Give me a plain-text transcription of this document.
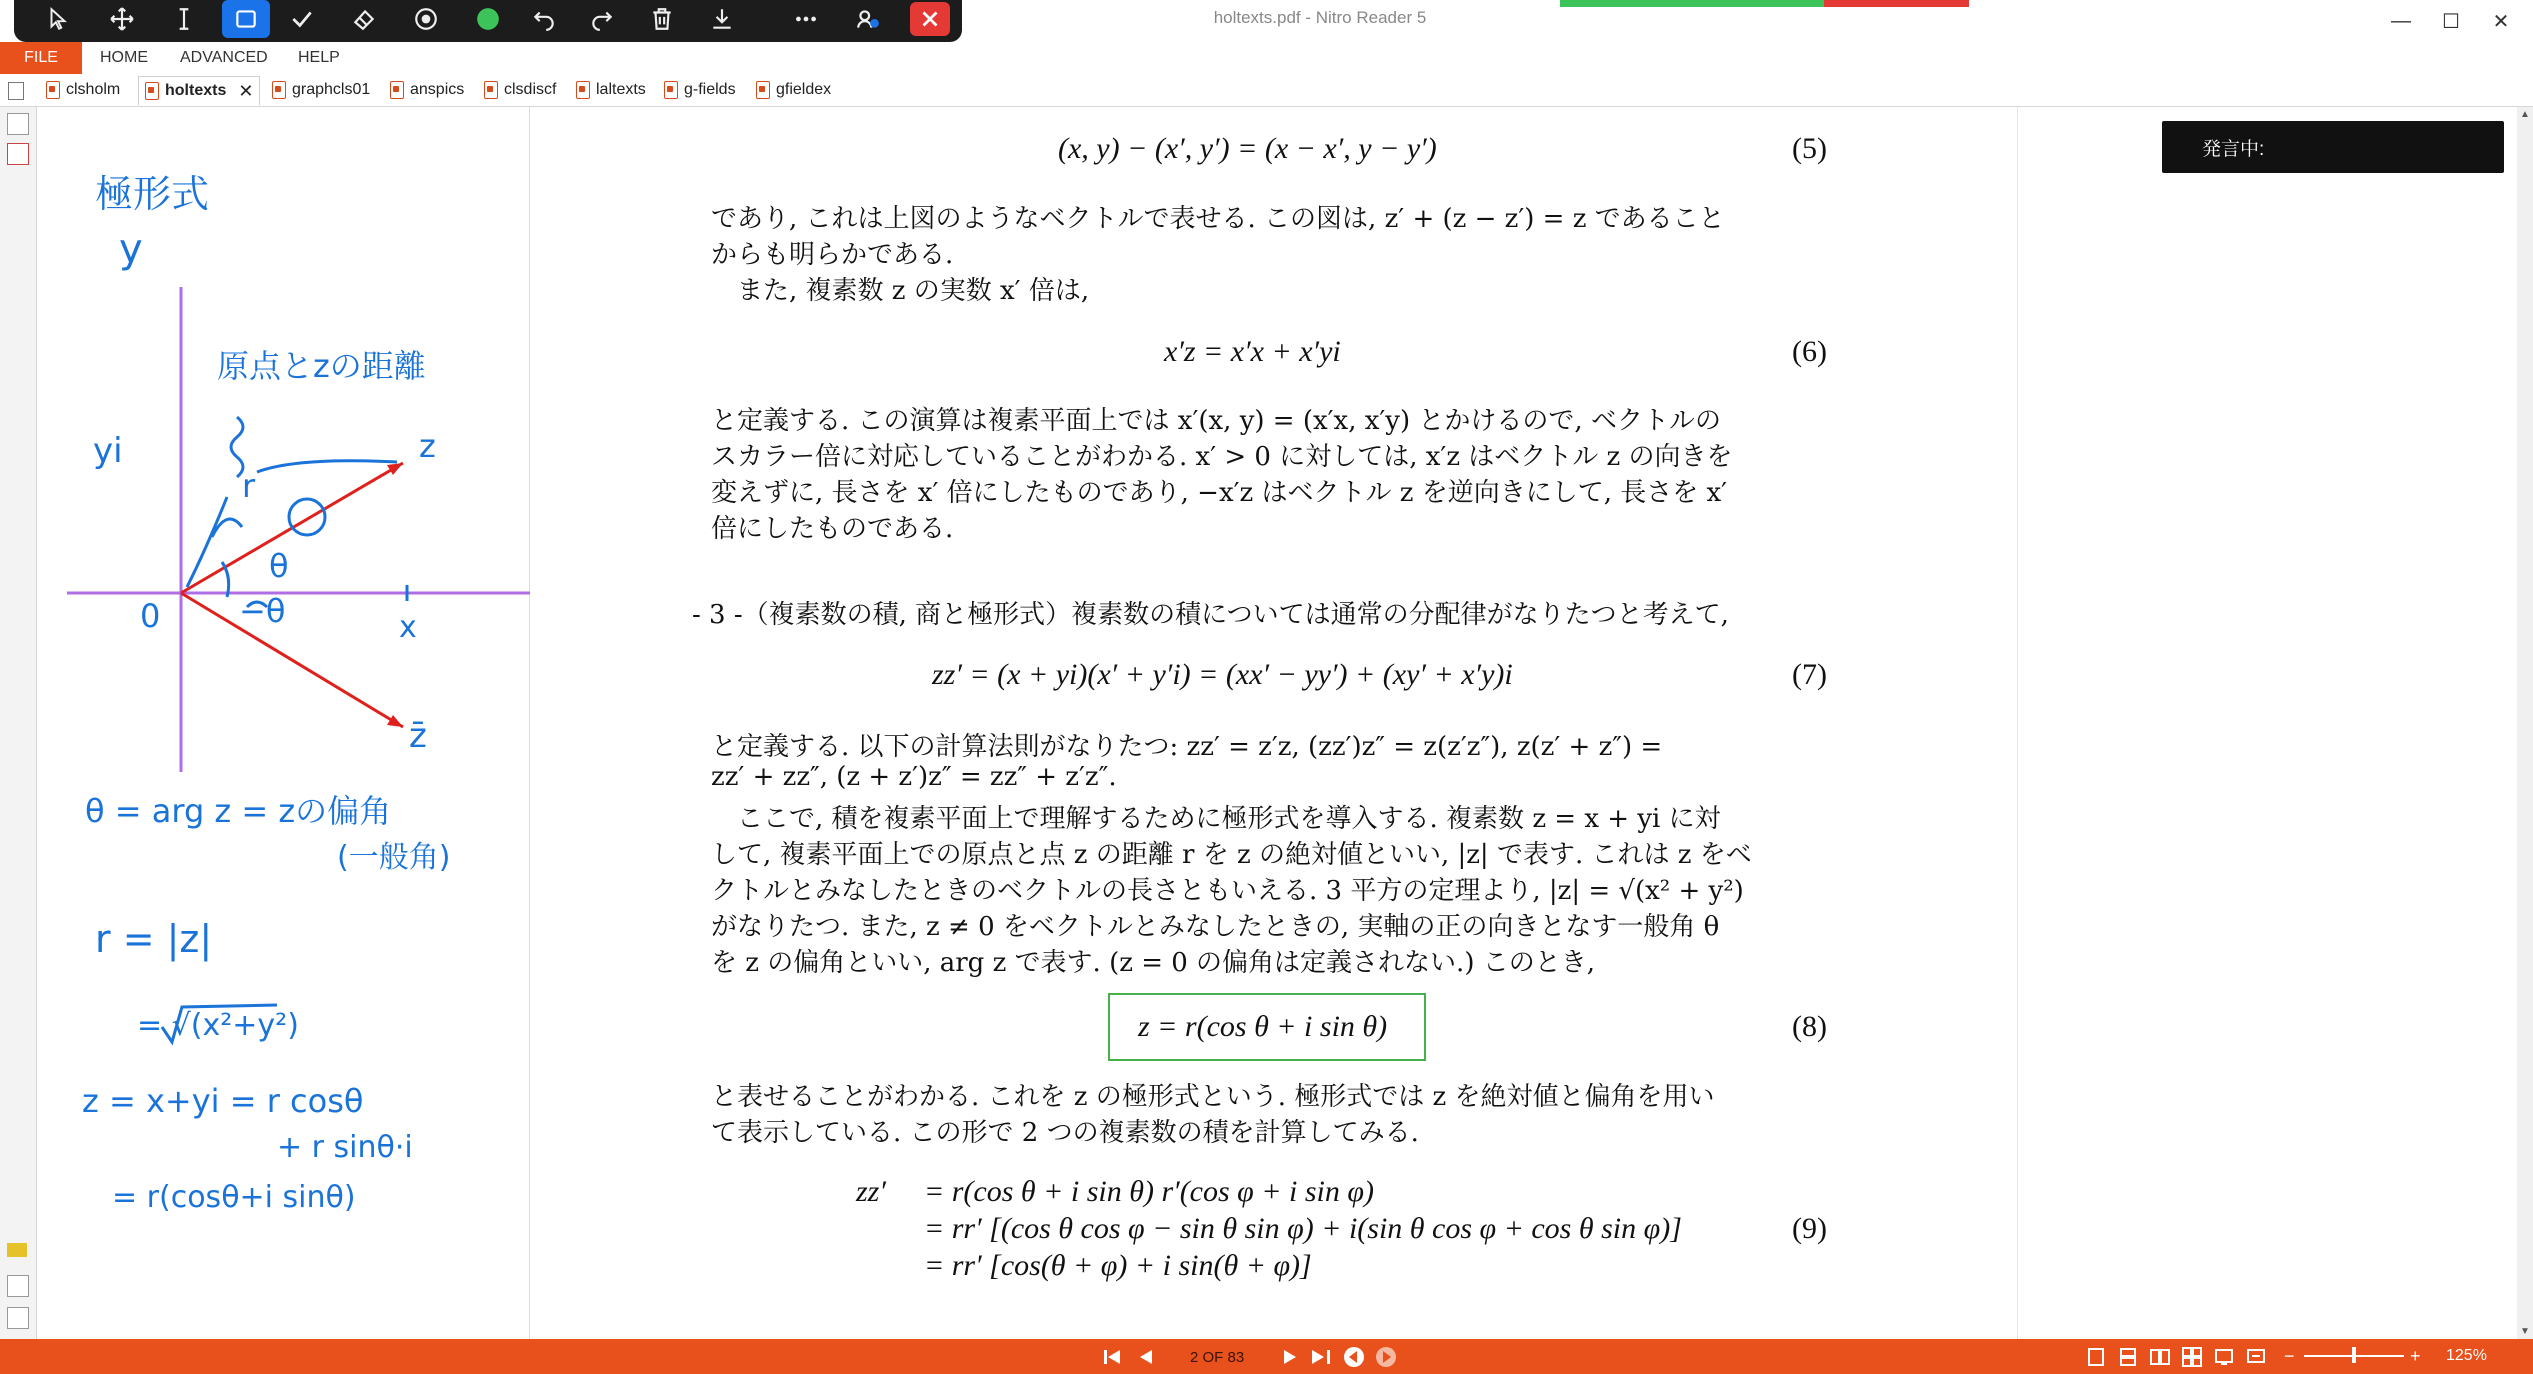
holtexts.pdf - Nitro Reader 5	—	☐	✕
FILE	HOME ADVANCED HELP
clsholm	holtexts ✕ graphcls01 anspics clsdiscf laltexts g-fields	gfieldex
極形式
y
原点とzの距離
yi
r
z
θ
−θ
0	x
z̄
θ = arg z = zの偏角
(一般角)
r = |z|
= √(x²+y²)
z = x+yi = r cosθ
+ r sinθ·i
= r(cosθ+i sinθ)
(x, y) − (x′, y′) = (x − x′, y − y′)	(5)
であり, これは上図のようなベクトルで表せる. この図は, z′ + (z − z′) = z であること
からも明らかである.
　また, 複素数 z の実数 x′ 倍は,
x′z = x′x + x′yi	(6)
と定義する. この演算は複素平面上では x′(x, y) = (x′x, x′y) とかけるので, ベクトルの
スカラー倍に対応していることがわかる. x′ > 0 に対しては, x′z はベクトル z の向きを
変えずに, 長さを x′ 倍にしたものであり, −x′z はベクトル z を逆向きにして, 長さを x′
倍にしたものである.
- 3 -（複素数の積, 商と極形式）複素数の積については通常の分配律がなりたつと考えて,
zz′ = (x + yi)(x′ + y′i) = (xx′ − yy′) + (xy′ + x′y)i	(7)
と定義する. 以下の計算法則がなりたつ: zz′ = z′z, (zz′)z″ = z(z′z″), z(z′ + z″) =
zz′ + zz″, (z + z′)z″ = zz″ + z′z″.
　ここで, 積を複素平面上で理解するために極形式を導入する. 複素数 z = x + yi に対
して, 複素平面上での原点と点 z の距離 r を z の絶対値といい, |z| で表す. これは z をベ
クトルとみなしたときのベクトルの長さともいえる. 3 平方の定理より, |z| = √(x² + y²)
がなりたつ. また, z ≠ 0 をベクトルとみなしたときの, 実軸の正の向きとなす一般角 θ
を z の偏角といい, arg z で表す. (z = 0 の偏角は定義されない.) このとき,
z = r(cos θ + i sin θ)	(8)
と表せることがわかる. これを z の極形式という. 極形式では z を絶対値と偏角を用い
て表示している. この形で 2 つの複素数の積を計算してみる.
zz′ = r(cos θ + i sin θ) r′(cos φ + i sin φ)
= rr′ [(cos θ cos φ − sin θ sin φ) + i(sin θ cos φ + cos θ sin φ)]
= rr′ [cos(θ + φ) + i sin(θ + φ)]
(9)
発言中:
▲
▼
2 OF 83	−	+ 125%
